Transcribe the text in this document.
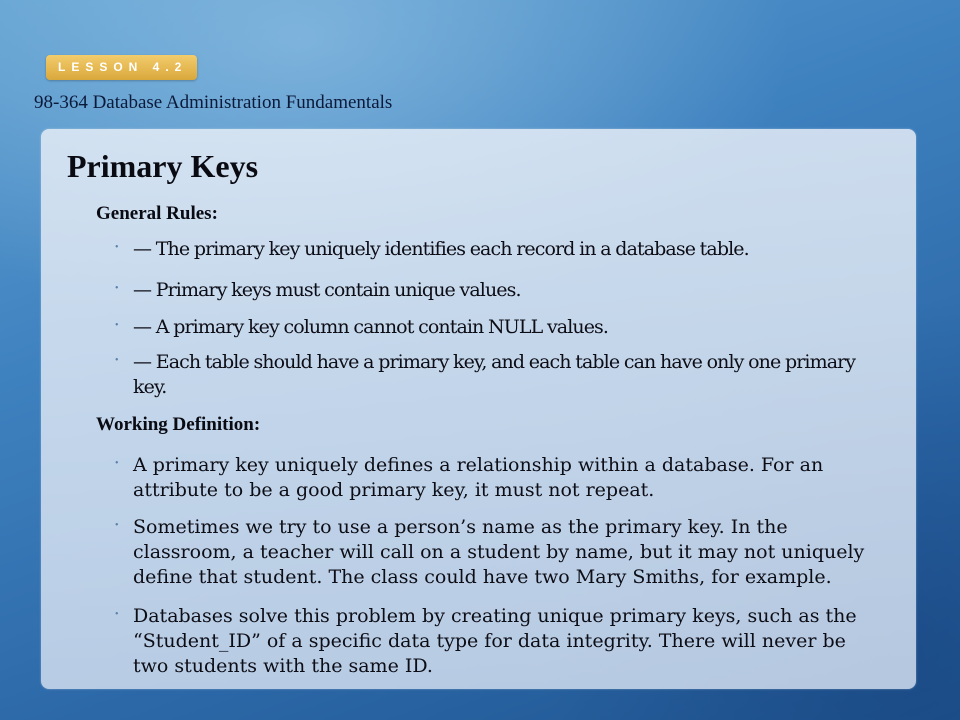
LESSON 4.2
98-364 Database Administration Fundamentals
Primary Keys
General Rules:
• — The primary key uniquely identifies each record in a database table.
• — Primary keys must contain unique values.
• — A primary key column cannot contain NULL values.
• — Each table should have a primary key, and each table can have only one primary key.
Working Definition:
• A primary key uniquely defines a relationship within a database. For an attribute to be a good primary key, it must not repeat.
• Sometimes we try to use a person’s name as the primary key. In the classroom, a teacher will call on a student by name, but it may not uniquely define that student. The class could have two Mary Smiths, for example.
• Databases solve this problem by creating unique primary keys, such as the “Student_ID” of a specific data type for data integrity. There will never be two students with the same ID.
